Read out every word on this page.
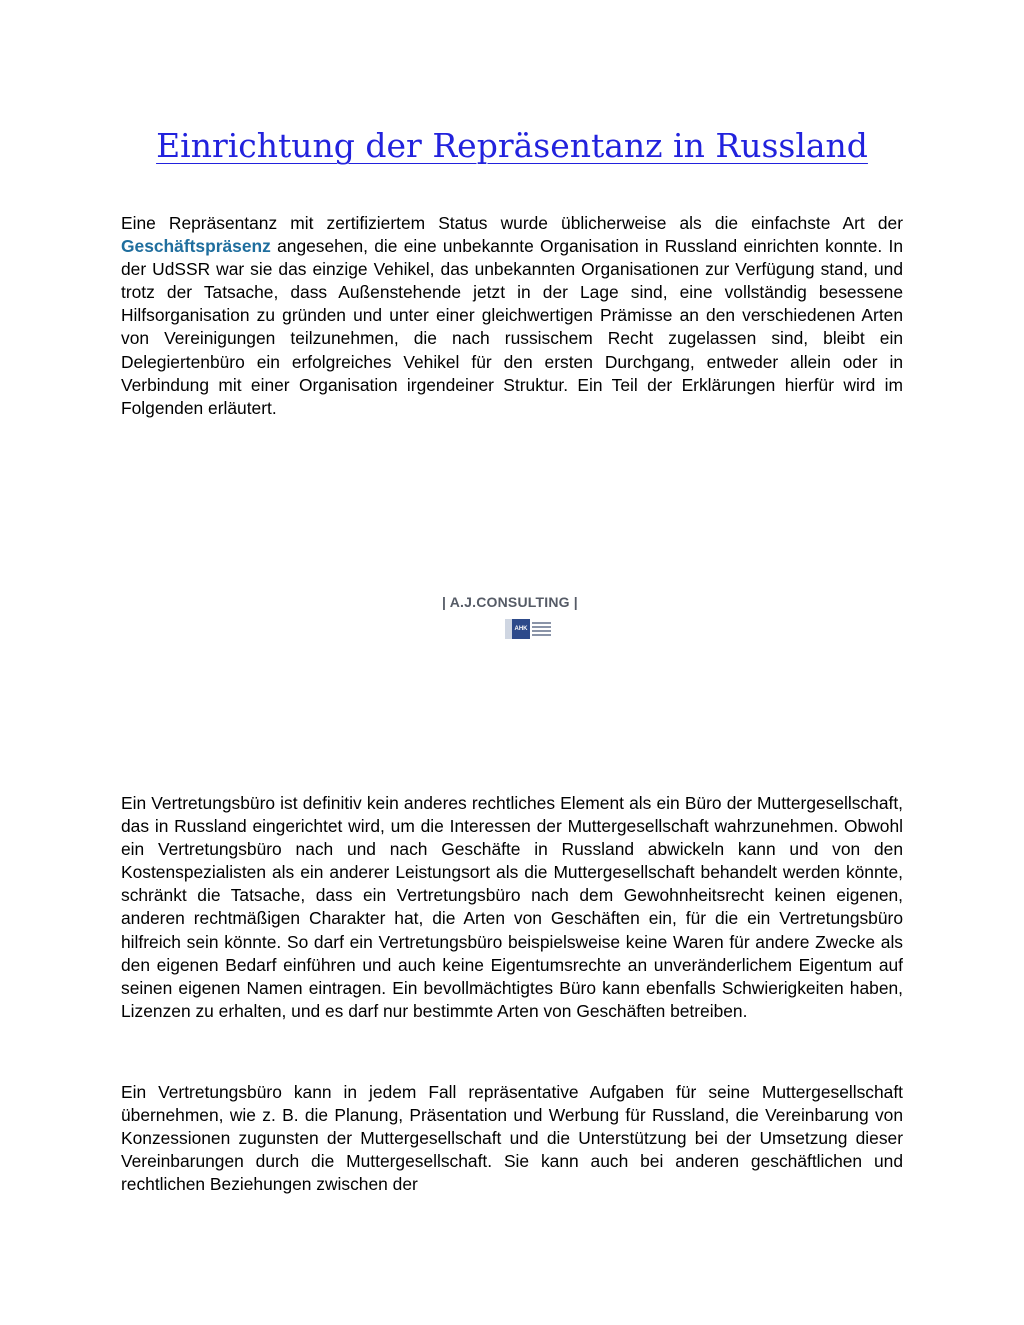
Einrichtung der Repräsentanz in Russland

Eine Repräsentanz mit zertifiziertem Status wurde üblicherweise als die einfachste Art der Geschäftspräsenz angesehen, die eine unbekannte Organisation in Russland einrichten konnte. In der UdSSR war sie das einzige Vehikel, das unbekannten Organisationen zur Verfügung stand, und trotz der Tatsache, dass Außenstehende jetzt in der Lage sind, eine vollständig besessene Hilfsorganisation zu gründen und unter einer gleichwertigen Prämisse an den verschiedenen Arten von Vereinigungen teilzunehmen, die nach russischem Recht zugelassen sind, bleibt ein Delegiertenbüro ein erfolgreiches Vehikel für den ersten Durchgang, entweder allein oder in Verbindung mit einer Organisation irgendeiner Struktur. Ein Teil der Erklärungen hierfür wird im Folgenden erläutert.

| A.J.CONSULTING |
AHK

Ein Vertretungsbüro ist definitiv kein anderes rechtliches Element als ein Büro der Muttergesellschaft, das in Russland eingerichtet wird, um die Interessen der Muttergesellschaft wahrzunehmen. Obwohl ein Vertretungsbüro nach und nach Geschäfte in Russland abwickeln kann und von den Kostenspezialisten als ein anderer Leistungsort als die Muttergesellschaft behandelt werden könnte, schränkt die Tatsache, dass ein Vertretungsbüro nach dem Gewohnheitsrecht keinen eigenen, anderen rechtmäßigen Charakter hat, die Arten von Geschäften ein, für die ein Vertretungsbüro hilfreich sein könnte. So darf ein Vertretungsbüro beispielsweise keine Waren für andere Zwecke als den eigenen Bedarf einführen und auch keine Eigentumsrechte an unveränderlichem Eigentum auf seinen eigenen Namen eintragen. Ein bevollmächtigtes Büro kann ebenfalls Schwierigkeiten haben, Lizenzen zu erhalten, und es darf nur bestimmte Arten von Geschäften betreiben.

Ein Vertretungsbüro kann in jedem Fall repräsentative Aufgaben für seine Muttergesellschaft übernehmen, wie z. B. die Planung, Präsentation und Werbung für Russland, die Vereinbarung von Konzessionen zugunsten der Muttergesellschaft und die Unterstützung bei der Umsetzung dieser Vereinbarungen durch die Muttergesellschaft. Sie kann auch bei anderen geschäftlichen und rechtlichen Beziehungen zwischen der
